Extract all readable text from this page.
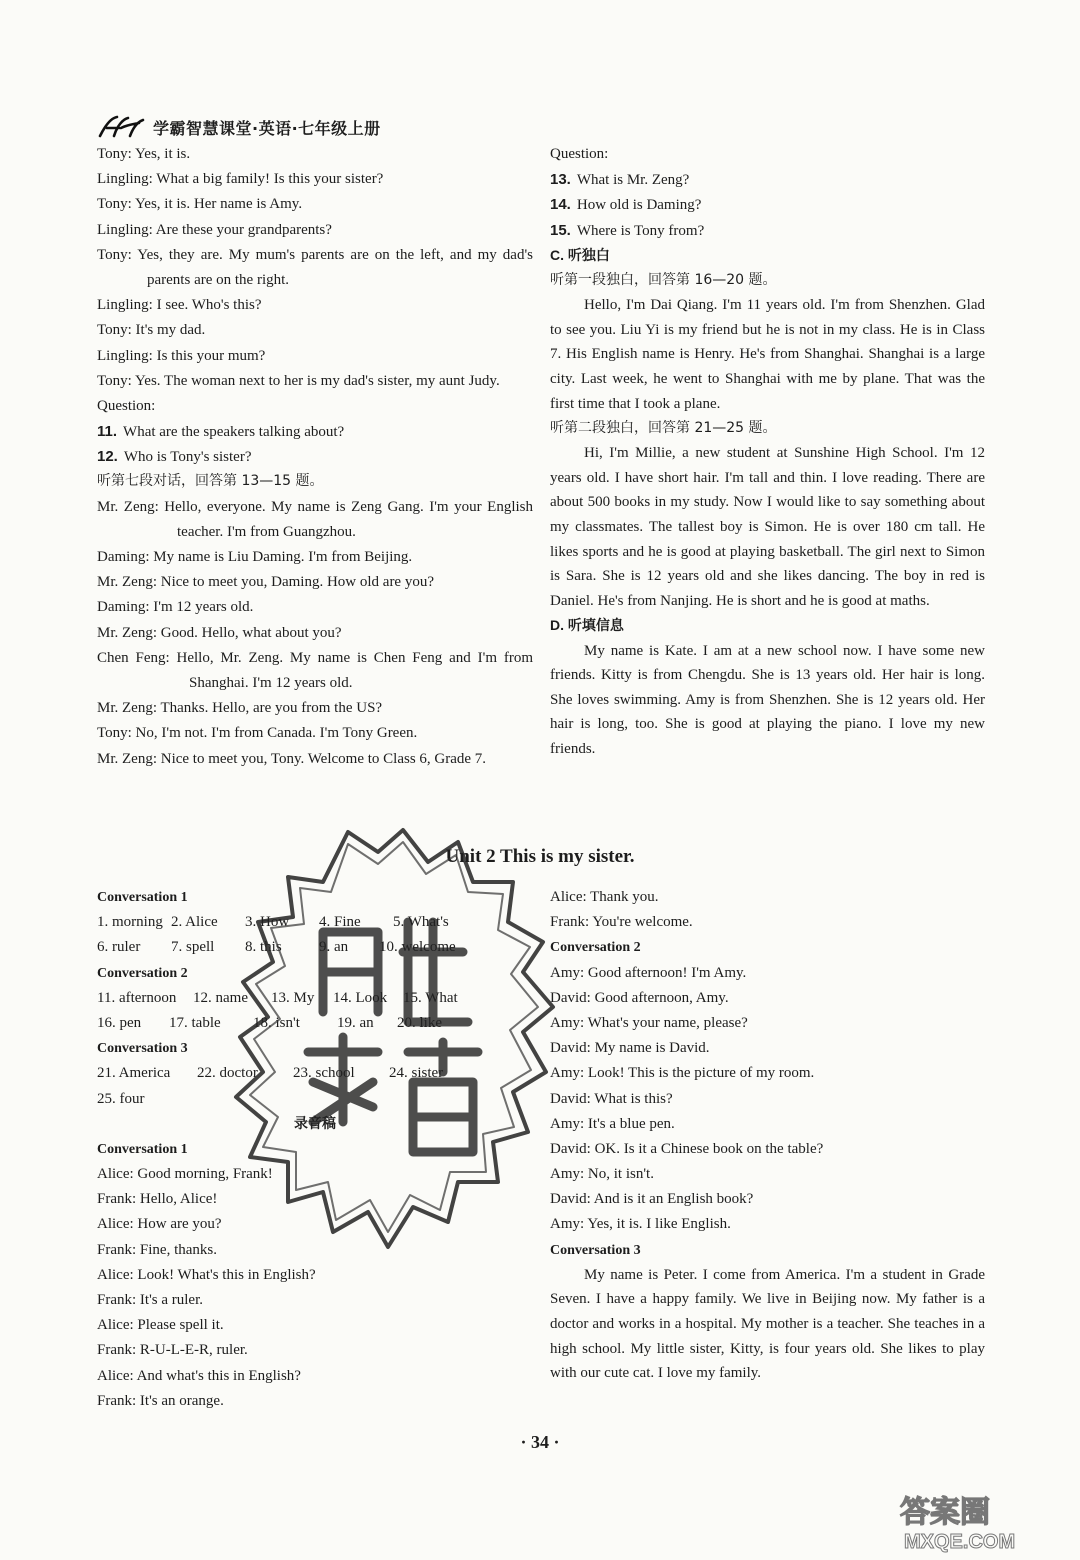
学霸智慧课堂·英语·七年级上册
Tony: Yes, it is.
Lingling: What a big family! Is this your sister?
Tony: Yes, it is. Her name is Amy.
Lingling: Are these your grandparents?
Tony: Yes, they are. My mum's parents are on the left, and my dad's parents are on the right.
Lingling: I see. Who's this?
Tony: It's my dad.
Lingling: Is this your mum?
Tony: Yes. The woman next to her is my dad's sister, my aunt Judy.
Question:
11. What are the speakers talking about?
12. Who is Tony's sister?
听第七段对话，回答第 13—15 题。
Mr. Zeng: Hello, everyone. My name is Zeng Gang. I'm your English teacher. I'm from Guangzhou.
Daming: My name is Liu Daming. I'm from Beijing.
Mr. Zeng: Nice to meet you, Daming. How old are you?
Daming: I'm 12 years old.
Mr. Zeng: Good. Hello, what about you?
Chen Feng: Hello, Mr. Zeng. My name is Chen Feng and I'm from Shanghai. I'm 12 years old.
Mr. Zeng: Thanks. Hello, are you from the US?
Tony: No, I'm not. I'm from Canada. I'm Tony Green.
Mr. Zeng: Nice to meet you, Tony. Welcome to Class 6, Grade 7.
Question:
13. What is Mr. Zeng?
14. How old is Daming?
15. Where is Tony from?
C. 听独白
听第一段独白，回答第 16—20 题。
Hello, I'm Dai Qiang. I'm 11 years old. I'm from Shenzhen. Glad to see you. Liu Yi is my friend but he is not in my class. He is in Class 7. His English name is Henry. He's from Shanghai. Shanghai is a large city. Last week, he went to Shanghai with me by plane. That was the first time that I took a plane.
听第二段独白，回答第 21—25 题。
Hi, I'm Millie, a new student at Sunshine High School. I'm 12 years old. I have short hair. I'm tall and thin. I love reading. There are about 500 books in my study. Now I would like to say something about my classmates. The tallest boy is Simon. He is over 180 cm tall. He likes sports and he is good at playing basketball. The girl next to Simon is Sara. She is 12 years old and she likes dancing. The boy in red is Daniel. He's from Nanjing. He is short and he is good at maths.
D. 听填信息
My name is Kate. I am at a new school now. I have some new friends. Kitty is from Chengdu. She is 13 years old. Her hair is long. She loves swimming. Amy is from Shenzhen. She is 12 years old. Her hair is long, too. She is good at playing the piano. I love my new friends.
Unit 2 This is my sister.
Conversation 1
1. morning 2. Alice	3. How	4. Fine	5. What's
6. ruler	7. spell	8. this	9. an	10. welcome
Conversation 2
11. afternoon	12. name	13. My	14. Look	15. What
16. pen	17. table	18. isn't	19. an	20. like
Conversation 3
21. America	22. doctor	23. school	24. sister
25. four
录音稿
Conversation 1
Alice: Good morning, Frank!
Frank: Hello, Alice!
Alice: How are you?
Frank: Fine, thanks.
Alice: Look! What's this in English?
Frank: It's a ruler.
Alice: Please spell it.
Frank: R-U-L-E-R, ruler.
Alice: And what's this in English?
Frank: It's an orange.
Alice: Thank you.
Frank: You're welcome.
Conversation 2
Amy: Good afternoon! I'm Amy.
David: Good afternoon, Amy.
Amy: What's your name, please?
David: My name is David.
Amy: Look! This is the picture of my room.
David: What is this?
Amy: It's a blue pen.
David: OK. Is it a Chinese book on the table?
Amy: No, it isn't.
David: And is it an English book?
Amy: Yes, it is. I like English.
Conversation 3
My name is Peter. I come from America. I'm a student in Grade Seven. I have a happy family. We live in Beijing now. My father is a doctor and works in a hospital. My mother is a teacher. She teaches in a high school. My little sister, Kitty, is four years old. She likes to play with our cute cat. I love my family.
· 34 ·
答案圈
MXQE.COM
